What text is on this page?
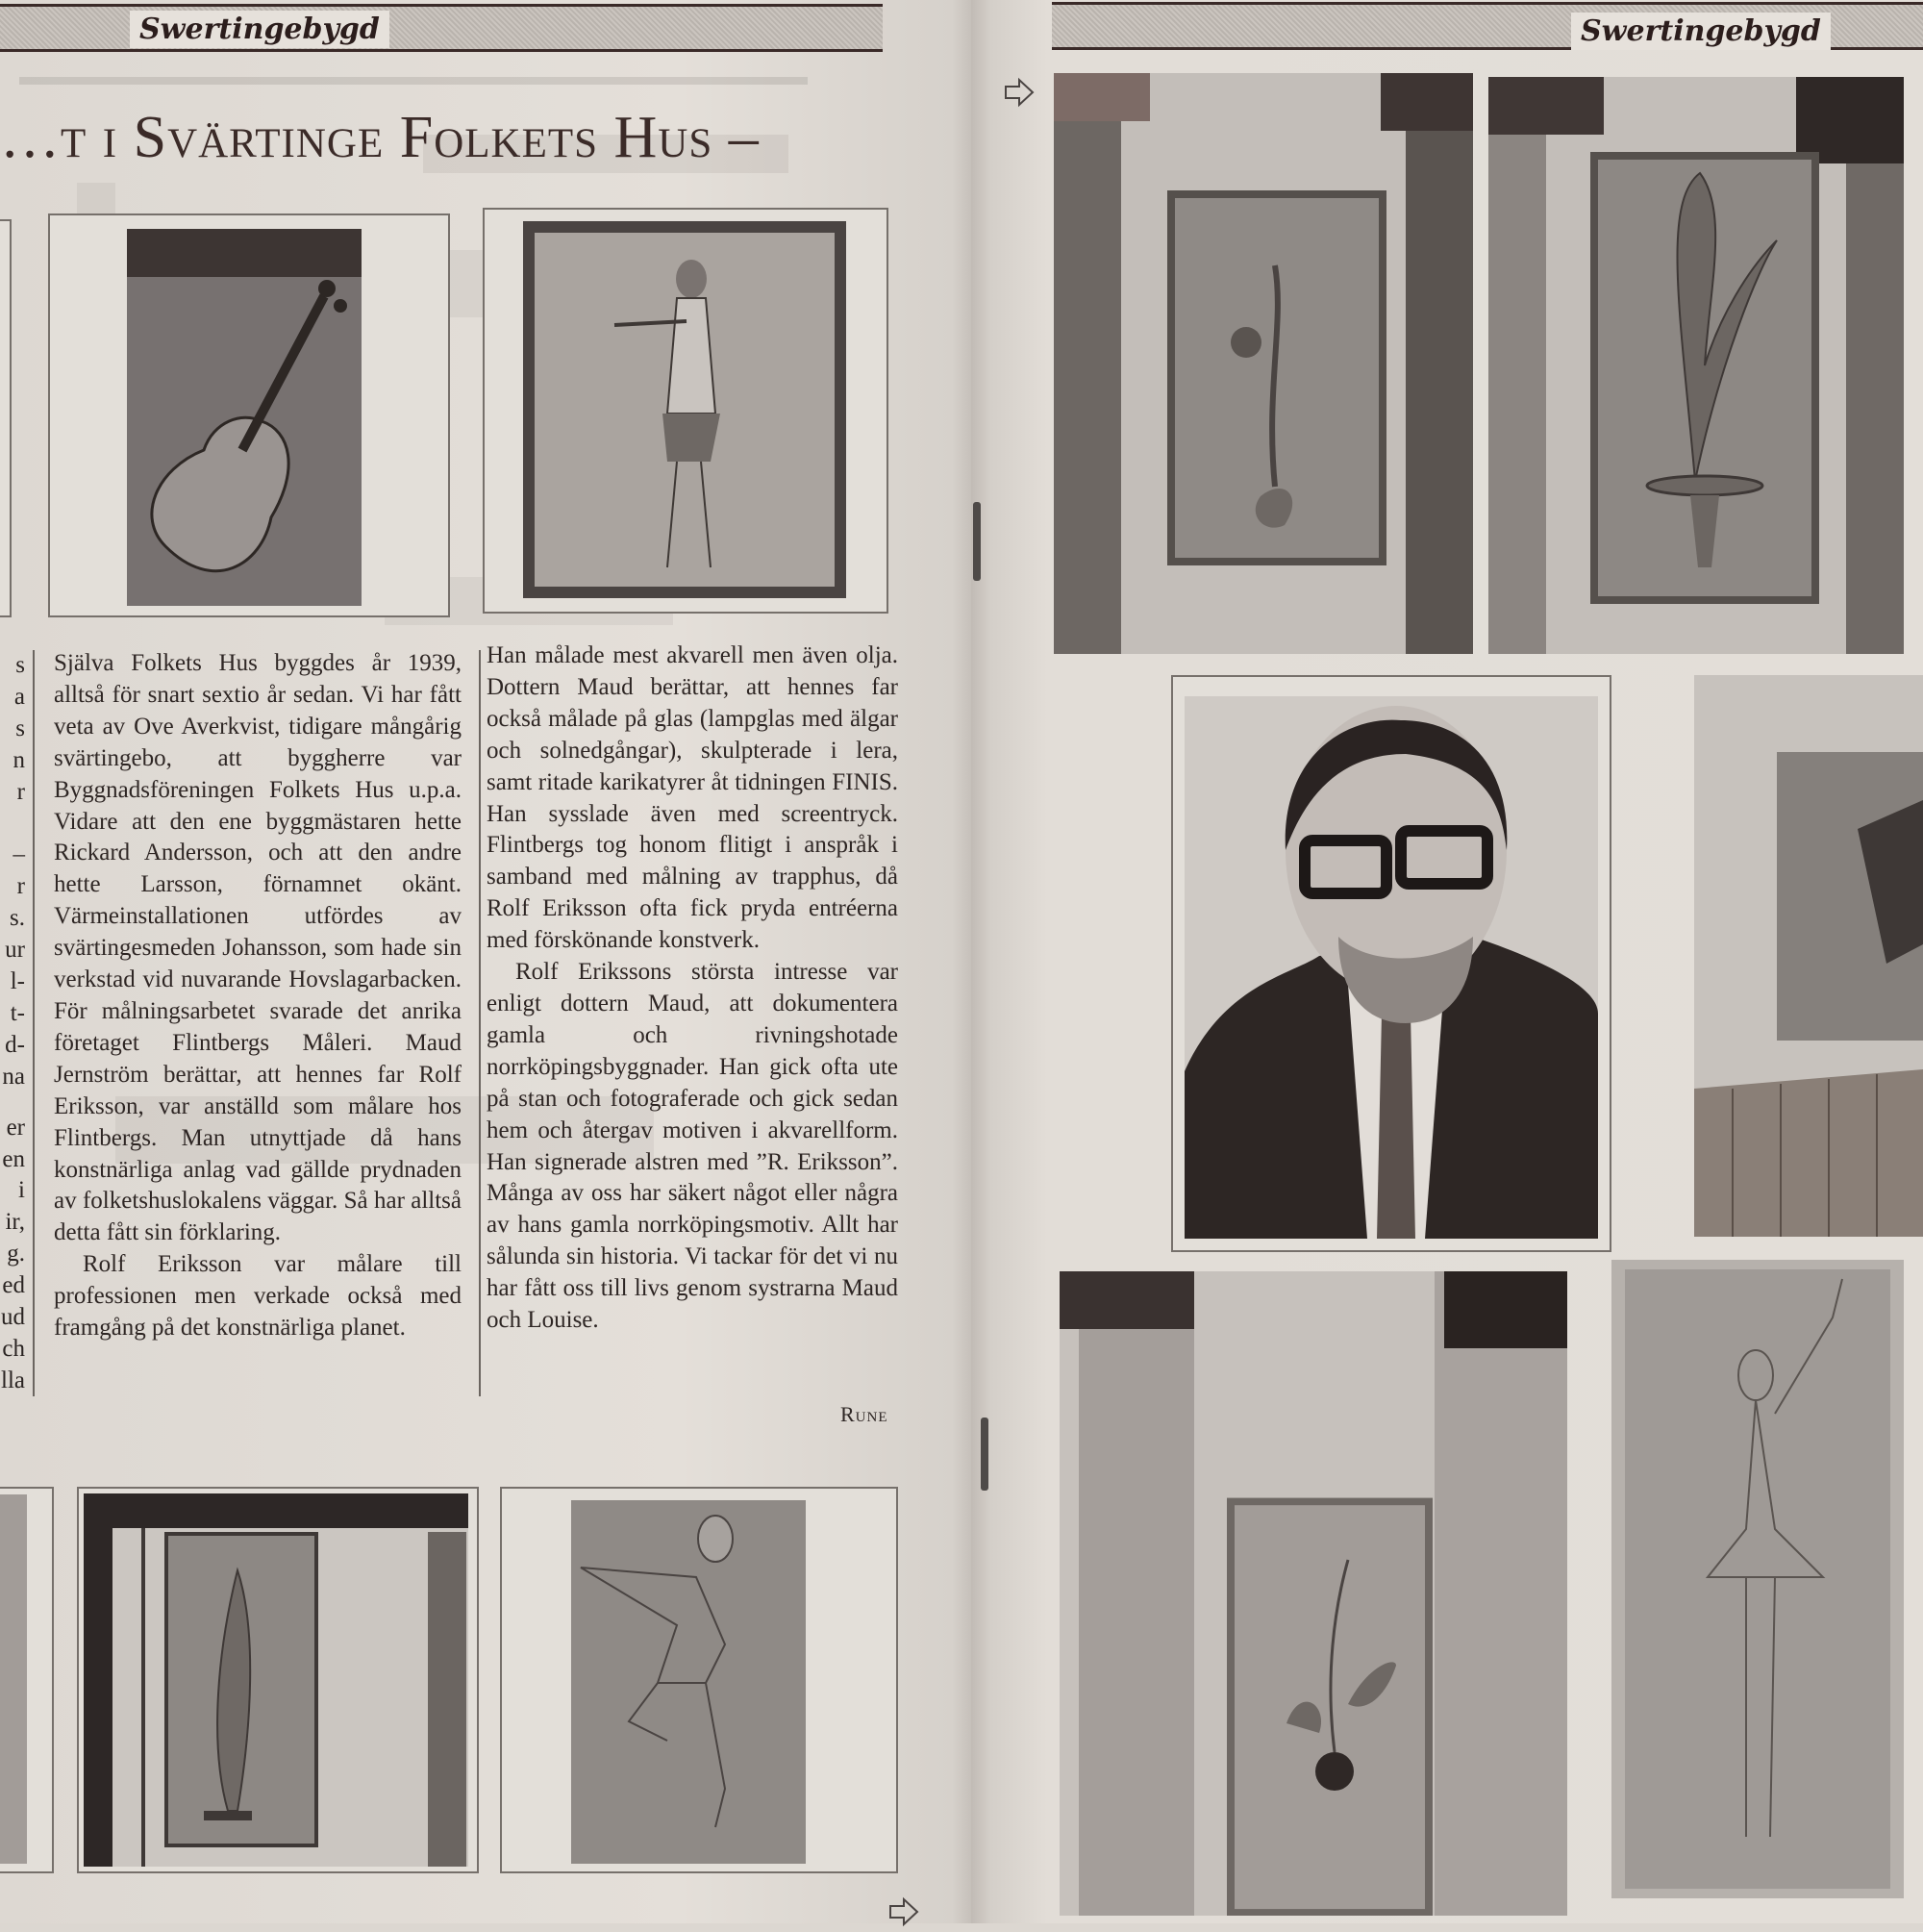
Swertingebygd
…t i Svärtinge Folkets Hus –
s
a
s
n
r
–
r
s.
ur
l-
t-
d-
na
er
en
i
ir,
g.
ed
ud
ch
lla

Själva Folkets Hus byggdes år 1939, alltså för snart sextio år sedan. Vi har fått veta av Ove Averkvist, tidigare mångårig svärtingebo, att byggherre var Byggnadsföreningen Folkets Hus u.p.a. Vidare att den ene byggmästaren hette Rickard Andersson, och att den andre hette Larsson, förnamnet okänt. Värmeinstallationen utfördes av svärtingesmeden Johansson, som hade sin verkstad vid nuvarande Hovslagarbacken. För målningsarbetet svarade det anrika företaget Flintbergs Måleri. Maud Jernström berättar, att hennes far Rolf Eriksson, var anställd som målare hos Flintbergs. Man utnyttjade då hans konstnärliga anlag vad gällde prydnaden av folketshuslokalens väggar. Så har alltså detta fått sin förklaring.

Rolf Eriksson var målare till professionen men verkade också med framgång på det konstnärliga planet.

Han målade mest akvarell men även olja. Dottern Maud berättar, att hennes far också målade på glas (lampglas med älgar och solnedgångar), skulpterade i lera, samt ritade karikatyrer åt tidningen FINIS. Han sysslade även med screentryck. Flintbergs tog honom flitigt i anspråk i samband med målning av trapphus, då Rolf Eriksson ofta fick pryda entréerna med förskönande konstverk.

Rolf Erikssons största intresse var enligt dottern Maud, att dokumentera gamla och rivningshotade norrköpingsbyggnader. Han gick ofta ute på stan och fotograferade och gick sedan hem och återgav motiven i akvarellform. Han signerade alstren med ”R. Eriksson”. Många av oss har säkert något eller några av hans gamla norrköpingsmotiv. Allt har sålunda sin historia. Vi tackar för det vi nu har fått oss till livs genom systrarna Maud och Louise.

Rune
Swertingebygd
